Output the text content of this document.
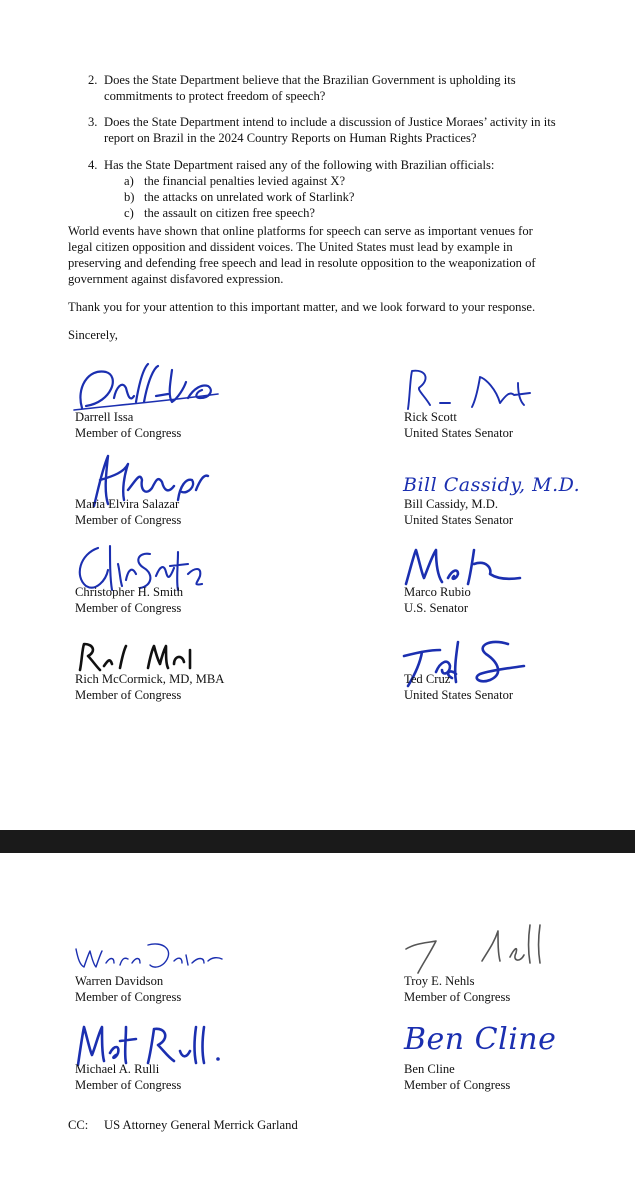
2. Does the State Department believe that the Brazilian Government is upholding its
commitments to protect freedom of speech?
3. Does the State Department intend to include a discussion of Justice Moraes’ activity in its
report on Brazil in the 2024 Country Reports on Human Rights Practices?
4. Has the State Department raised any of the following with Brazilian officials:
a) the financial penalties levied against X?
b) the attacks on unrelated work of Starlink?
c) the assault on citizen free speech?
World events have shown that online platforms for speech can serve as important venues for
legal citizen opposition and dissident voices. The United States must lead by example in
preserving and defending free speech and lead in resolute opposition to the weaponization of
government against disfavored expression.
Thank you for your attention to this important matter, and we look forward to your response.
Sincerely,
Darrell Issa
Member of Congress
Rick Scott
United States Senator
Maria Elvira Salazar
Member of Congress
Bill Cassidy, M.D.
Bill Cassidy, M.D.
United States Senator
Christopher H. Smith
Member of Congress
Marco Rubio
U.S. Senator
Rich McCormick, MD, MBA
Member of Congress
Ted Cruz
United States Senator
Warren Davidson
Member of Congress
Troy E. Nehls
Member of Congress
Michael A. Rulli
Member of Congress
Ben Cline
Ben Cline
Member of Congress
CC: US Attorney General Merrick Garland
